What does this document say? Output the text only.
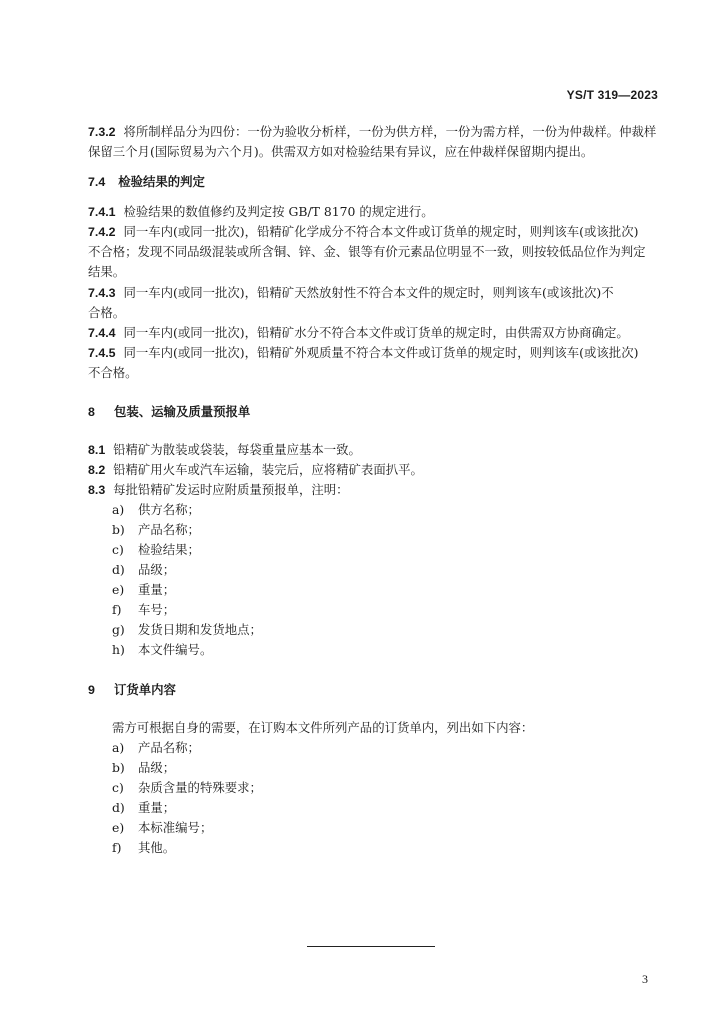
YS/T 319—2023
7.3.2 将所制样品分为四份：一份为验收分析样，一份为供方样，一份为需方样，一份为仲裁样。仲裁样
保留三个月(国际贸易为六个月)。供需双方如对检验结果有异议，应在仲裁样保留期内提出。
7.4 检验结果的判定
7.4.1 检验结果的数值修约及判定按 GB/T 8170 的规定进行。
7.4.2 同一车内(或同一批次)，铅精矿化学成分不符合本文件或订货单的规定时，则判该车(或该批次)
不合格；发现不同品级混装或所含铜、锌、金、银等有价元素品位明显不一致，则按较低品位作为判定
结果。
7.4.3 同一车内(或同一批次)，铅精矿天然放射性不符合本文件的规定时，则判该车(或该批次)不
合格。
7.4.4 同一车内(或同一批次)，铅精矿水分不符合本文件或订货单的规定时，由供需双方协商确定。
7.4.5 同一车内(或同一批次)，铅精矿外观质量不符合本文件或订货单的规定时，则判该车(或该批次)
不合格。
8 包装、运输及质量预报单
8.1 铅精矿为散装或袋装，每袋重量应基本一致。
8.2 铅精矿用火车或汽车运输，装完后，应将精矿表面扒平。
8.3 每批铅精矿发运时应附质量预报单，注明：
a) 供方名称；
b) 产品名称；
c) 检验结果；
d) 品级；
e) 重量；
f) 车号；
g) 发货日期和发货地点；
h) 本文件编号。
9 订货单内容
需方可根据自身的需要，在订购本文件所列产品的订货单内，列出如下内容：
a) 产品名称；
b) 品级；
c) 杂质含量的特殊要求；
d) 重量；
e) 本标准编号；
f) 其他。
3
